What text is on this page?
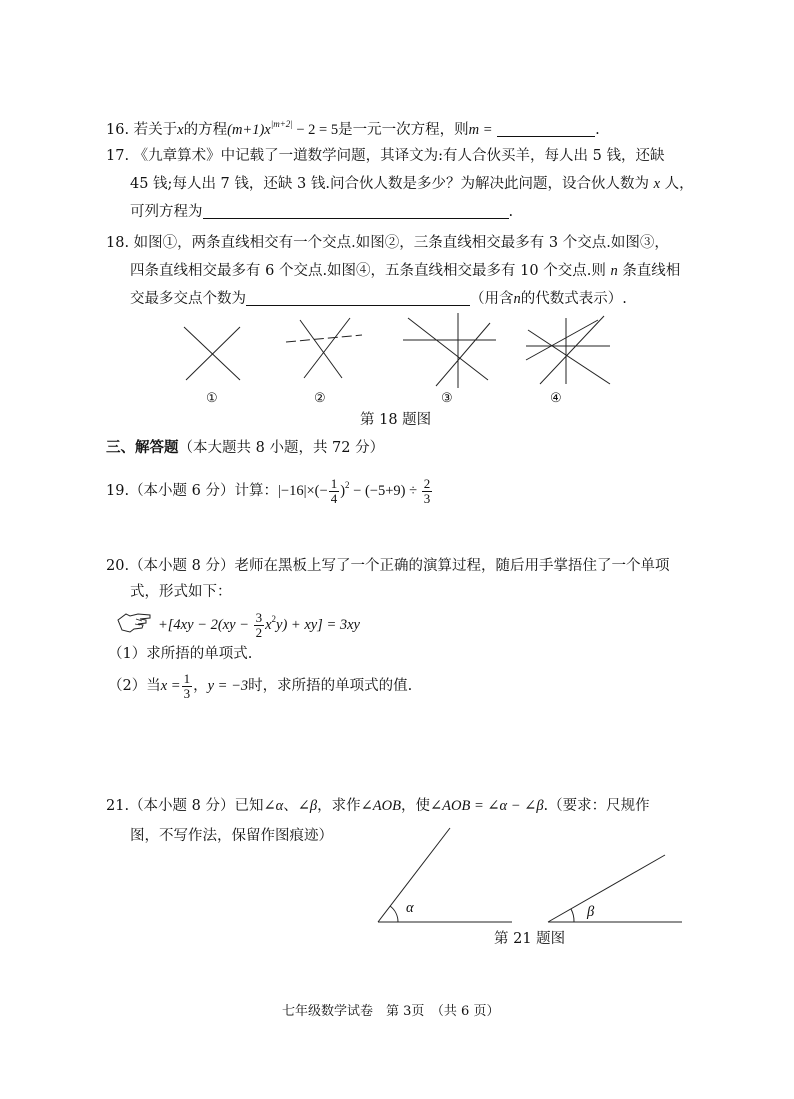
16. 若关于x的方程$(m+1)x^{|m+2|} - 2 = 5$是一元一次方程，则m =	.
17. 《九章算术》中记载了一道数学问题，其译文为:有人合伙买羊，每人出 5 钱，还缺
45 钱;每人出 7 钱，还缺 3 钱.问合伙人数是多少？为解决此问题，设合伙人数为 x 人，
可列方程为	.
18. 如图①，两条直线相交有一个交点.如图②，三条直线相交最多有 3 个交点.如图③，
四条直线相交最多有 6 个交点.如图④，五条直线相交最多有 10 个交点.则 n 条直线相
交最多交点个数为	（用含n的代数式表示）.
①	②	③	④
第 18 题图
三、解答题（本大题共 8 小题，共 72 分）
19.（本小题 6 分）计算：$|-16|\times(- \frac{1}{4} )^2 - (-5+9) \div \frac{2}{3}$
20.（本小题 8 分）老师在黑板上写了一个正确的演算过程，随后用手掌捂住了一个单项
式，形式如下：
$+[4xy - 2(xy - \frac{3}{2} x^2y) + xy] = 3xy$
（1）求所捂的单项式.
（2）当$x = \frac{1}{3}$ ，y = −3时，求所捂的单项式的值.
21.（本小题 8 分）已知∠α、∠β，求作∠AOB，使∠AOB = ∠α − ∠β.（要求：尺规作
图，不写作法，保留作图痕迹）
α	β
第 21 题图
七年级数学试卷　第 3页　（共 6 页）
